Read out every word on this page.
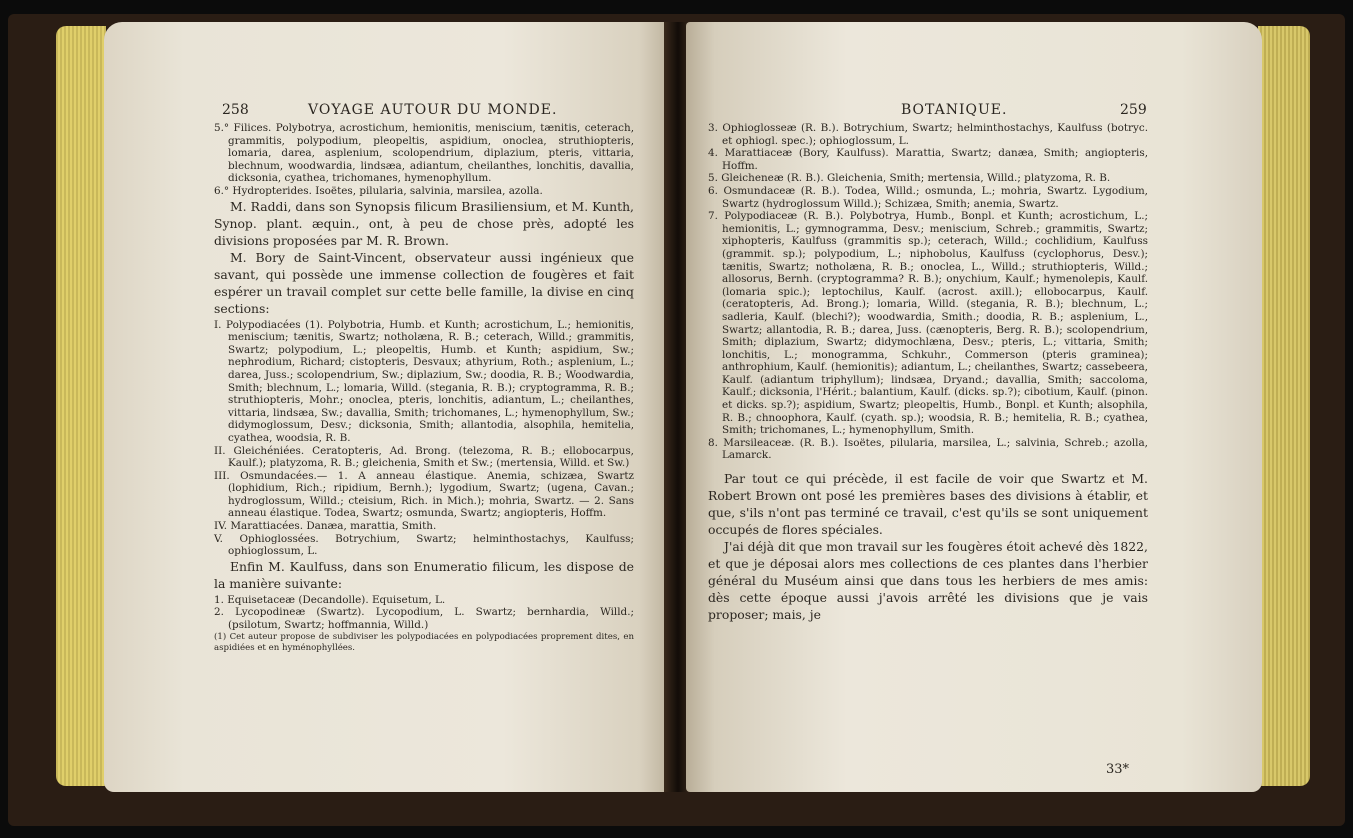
258	VOYAGE AUTOUR DU MONDE.

5.° Filices. Polybotrya, acrostichum, hemionitis, meniscium, tænitis, ceterach, grammitis, polypodium, pleopeltis, aspidium, onoclea, struthiopteris, lomaria, darea, asplenium, scolopendrium, diplazium, pteris, vittaria, blechnum, woodwardia, lindsæa, adiantum, cheilanthes, lonchitis, davallia, dicksonia, cyathea, trichomanes, hymenophyllum.

6.° Hydropterides. Isoëtes, pilularia, salvinia, marsilea, azolla.

M. Raddi, dans son Synopsis filicum Brasiliensium, et M. Kunth, Synop. plant. æquin., ont, à peu de chose près, adopté les divisions proposées par M. R. Brown.

M. Bory de Saint-Vincent, observateur aussi ingénieux que savant, qui possède une immense collection de fougères et fait espérer un travail complet sur cette belle famille, la divise en cinq sections:

I. Polypodiacées (1). Polybotria, Humb. et Kunth; acrostichum, L.; hemionitis, meniscium; tænitis, Swartz; notholæna, R. B.; ceterach, Willd.; grammitis, Swartz; polypodium, L.; pleopeltis, Humb. et Kunth; aspidium, Sw.; nephrodium, Richard; cistopteris, Desvaux; athyrium, Roth.; asplenium, L.; darea, Juss.; scolopendrium, Sw.; diplazium, Sw.; doodia, R. B.; Woodwardia, Smith; blechnum, L.; lomaria, Willd. (stegania, R. B.); cryptogramma, R. B.; struthiopteris, Mohr.; onoclea, pteris, lonchitis, adiantum, L.; cheilanthes, vittaria, lindsæa, Sw.; davallia, Smith; trichomanes, L.; hymenophyllum, Sw.; didymoglossum, Desv.; dicksonia, Smith; allantodia, alsophila, hemitelia, cyathea, woodsia, R. B.

II. Gleichéniées. Ceratopteris, Ad. Brong. (telezoma, R. B.; ellobocarpus, Kaulf.); platyzoma, R. B.; gleichenia, Smith et Sw.; (mertensia, Willd. et Sw.)

III. Osmundacées.— 1. A anneau élastique. Anemia, schizæa, Swartz (lophidium, Rich.; ripidium, Bernh.); lygodium, Swartz; (ugena, Cavan.; hydroglossum, Willd.; cteisium, Rich. in Mich.); mohria, Swartz. — 2. Sans anneau élastique. Todea, Swartz; osmunda, Swartz; angiopteris, Hoffm.

IV. Marattiacées. Danæa, marattia, Smith.

V. Ophioglossées. Botrychium, Swartz; helminthostachys, Kaulfuss; ophioglossum, L.

Enfin M. Kaulfuss, dans son Enumeratio filicum, les dispose de la manière suivante:

1. Equisetaceæ (Decandolle). Equisetum, L.

2. Lycopodineæ (Swartz). Lycopodium, L. Swartz; bernhardia, Willd.; (psilotum, Swartz; hoffmannia, Willd.)

(1) Cet auteur propose de subdiviser les polypodiacées en polypodiacées proprement dites, en aspidiées et en hyménophyllées.

BOTANIQUE.	259

3. Ophioglosseæ (R. B.). Botrychium, Swartz; helminthostachys, Kaulfuss (botryc. et ophiogl. spec.); ophioglossum, L.

4. Marattiaceæ (Bory, Kaulfuss). Marattia, Swartz; danæa, Smith; angiopteris, Hoffm.

5. Gleicheneæ (R. B.). Gleichenia, Smith; mertensia, Willd.; platyzoma, R. B.

6. Osmundaceæ (R. B.). Todea, Willd.; osmunda, L.; mohria, Swartz. Lygodium, Swartz (hydroglossum Willd.); Schizæa, Smith; anemia, Swartz.

7. Polypodiaceæ (R. B.). Polybotrya, Humb., Bonpl. et Kunth; acrostichum, L.; hemionitis, L.; gymnogramma, Desv.; meniscium, Schreb.; grammitis, Swartz; xiphopteris, Kaulfuss (grammitis sp.); ceterach, Willd.; cochlidium, Kaulfuss (grammit. sp.); polypodium, L.; niphobolus, Kaulfuss (cyclophorus, Desv.); tænitis, Swartz; notholæna, R. B.; onoclea, L., Willd.; struthiopteris, Willd.; allosorus, Bernh. (cryptogramma? R. B.); onychium, Kaulf.; hymenolepis, Kaulf. (lomaria spic.); leptochilus, Kaulf. (acrost. axill.); ellobocarpus, Kaulf. (ceratopteris, Ad. Brong.); lomaria, Willd. (stegania, R. B.); blechnum, L.; sadleria, Kaulf. (blechi?); woodwardia, Smith.; doodia, R. B.; asplenium, L., Swartz; allantodia, R. B.; darea, Juss. (cænopteris, Berg. R. B.); scolopendrium, Smith; diplazium, Swartz; didymochlæna, Desv.; pteris, L.; vittaria, Smith; lonchitis, L.; monogramma, Schkuhr., Commerson (pteris graminea); anthrophium, Kaulf. (hemionitis); adiantum, L.; cheilanthes, Swartz; cassebeera, Kaulf. (adiantum triphyllum); lindsæa, Dryand.; davallia, Smith; saccoloma, Kaulf.; dicksonia, l'Hérit.; balantium, Kaulf. (dicks. sp.?); cibotium, Kaulf. (pinon. et dicks. sp.?); aspidium, Swartz; pleopeltis, Humb., Bonpl. et Kunth; alsophila, R. B.; chnoophora, Kaulf. (cyath. sp.); woodsia, R. B.; hemitelia, R. B.; cyathea, Smith; trichomanes, L.; hymenophyllum, Smith.

8. Marsileaceæ. (R. B.). Isoëtes, pilularia, marsilea, L.; salvinia, Schreb.; azolla, Lamarck.

Par tout ce qui précède, il est facile de voir que Swartz et M. Robert Brown ont posé les premières bases des divisions à établir, et que, s'ils n'ont pas terminé ce travail, c'est qu'ils se sont uniquement occupés de flores spéciales.

J'ai déjà dit que mon travail sur les fougères étoit achevé dès 1822, et que je déposai alors mes collections de ces plantes dans l'herbier général du Muséum ainsi que dans tous les herbiers de mes amis: dès cette époque aussi j'avois arrêté les divisions que je vais proposer; mais, je

33*
